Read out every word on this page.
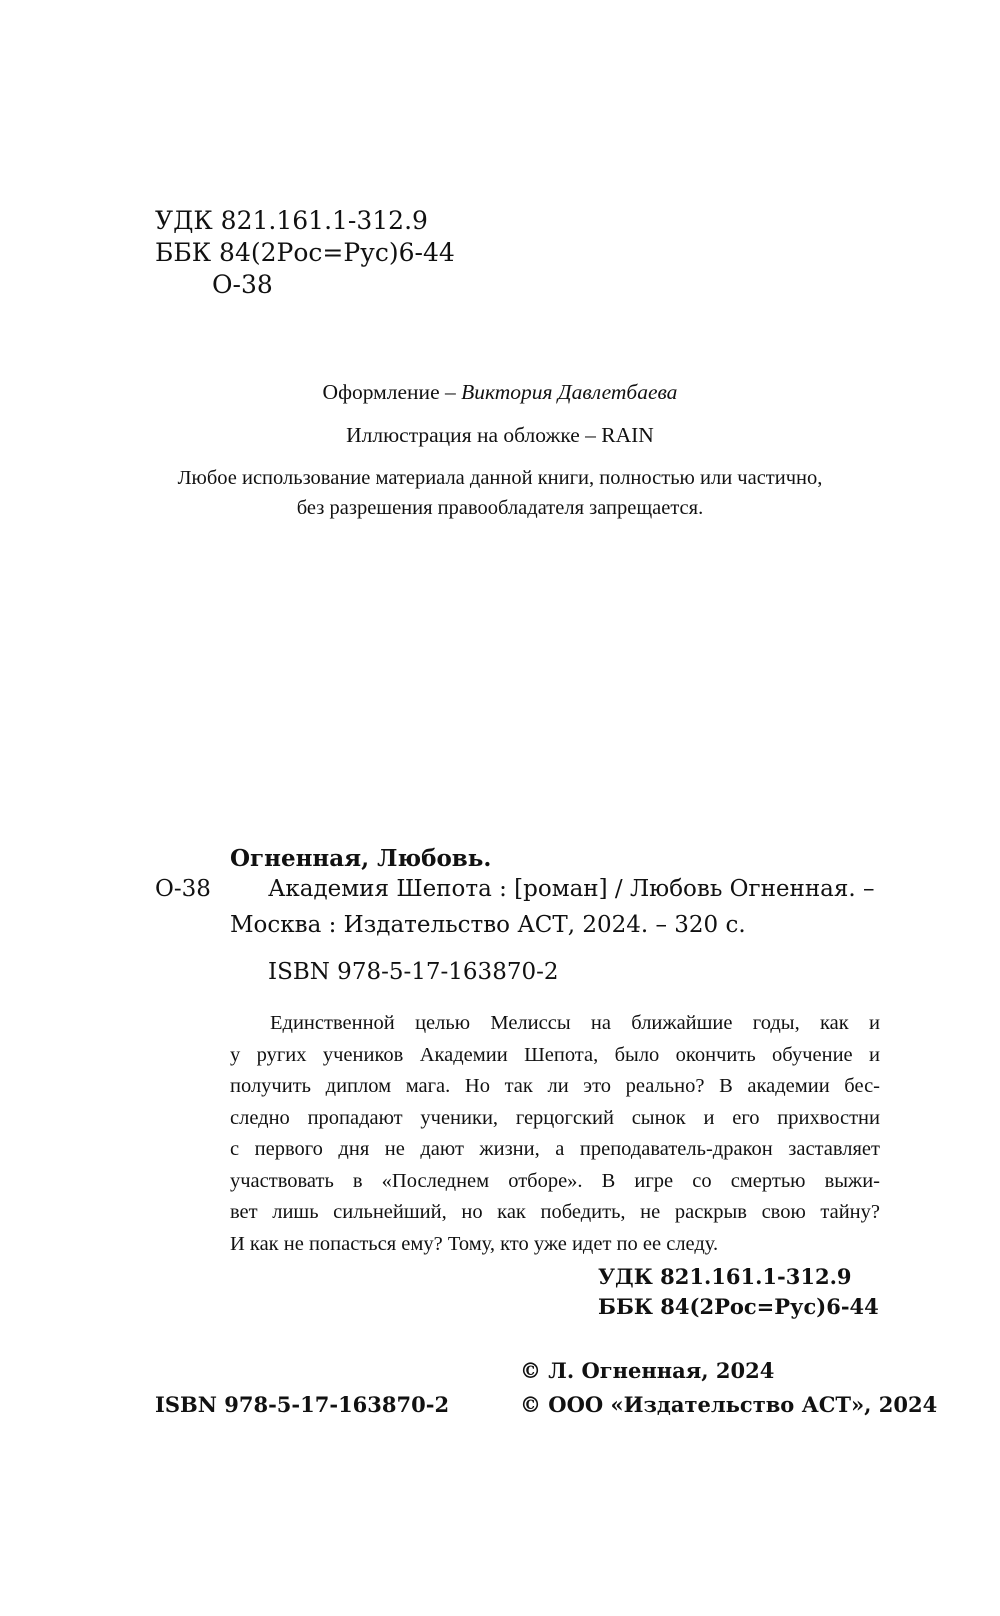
УДК 821.161.1-312.9
ББК 84(2Рос=Рус)6-44
О-38
Оформление – Виктория Давлетбаева
Иллюстрация на обложке – RAIN
Любое использование материала данной книги, полностью или частично,
без разрешения правообладателя запрещается.
Огненная, Любовь.
О-38 Академия Шепота : [роман] / Любовь Огненная. –
Москва : Издательство АСТ, 2024. – 320 с.
ISBN 978-5-17-163870-2
Единственной целью Мелиссы на ближайшие годы, как и
у ругих учеников Академии Шепота, было окончить обучение и
получить диплом мага. Но так ли это реально? В академии бес-
следно пропадают ученики, герцогский сынок и его прихвостни
с первого дня не дают жизни, а преподаватель-дракон заставляет
участвовать в «Последнем отборе». В игре со смертью выжи-
вет лишь сильнейший, но как победить, не раскрыв свою тайну?
И как не попасться ему? Тому, кто уже идет по ее следу.
УДК 821.161.1-312.9
ББК 84(2Рос=Рус)6-44
© Л. Огненная, 2024
ISBN 978-5-17-163870-2	© ООО «Издательство АСТ», 2024
